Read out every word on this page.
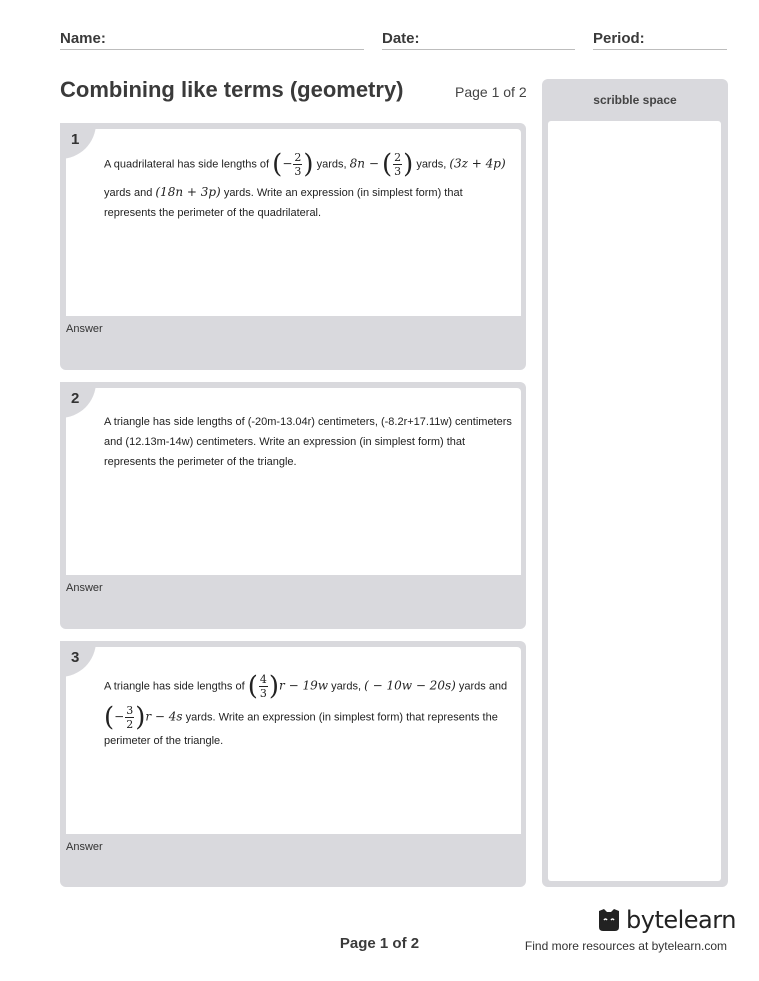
Name:	Date:	Period:
Combining like terms (geometry)	Page 1 of 2
A quadrilateral has side lengths of (− $\frac{2}{3}$ ) yards, 8n − ( $\frac{2}{3}$ ) yards, (3z + 4p)
yards and (18n + 3p) yards. Write an expression (in simplest form) that represents the perimeter of the quadrilateral.
1
Answer
A triangle has side lengths of (-20m-13.04r) centimeters, (-8.2r+17.11w) centimeters and (12.13m-14w) centimeters. Write an expression (in simplest form) that represents the perimeter of the triangle.
2
Answer
A triangle has side lengths of ( $\frac{4}{3} )r - 19w$ yards, ( − 10w − 20s) yards and
(− $\frac{3}{2} )r - 4s$ yards. Write an expression (in simplest form) that represents the perimeter of the triangle.
3
Answer
scribble space
Page 1 of 2
bytelearn
Find more resources at bytelearn.com
